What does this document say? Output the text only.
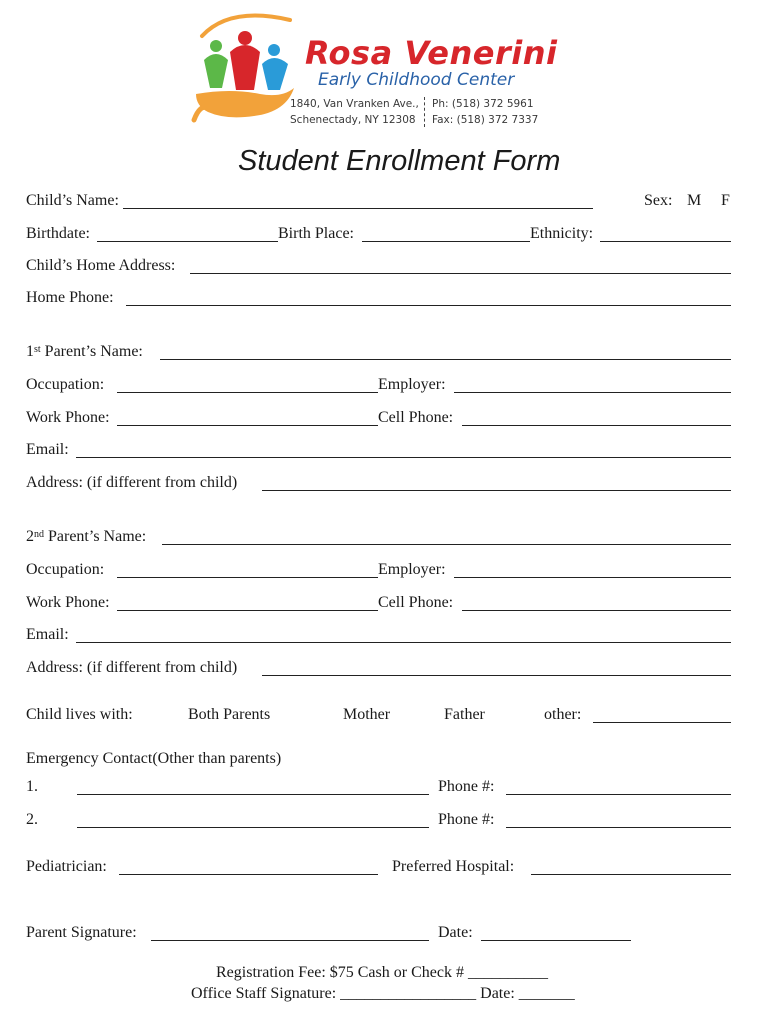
Rosa Venerini
Early Childhood Center
1840, Van Vranken Ave.,
Schenectady, NY 12308
Ph: (518) 372 5961
Fax: (518) 372 7337
Student Enrollment Form
Child’s Name:	Sex: M F
Birthdate:	Birth Place:	Ethnicity:
Child’s Home Address:
Home Phone:
1st Parent’s Name:
Occupation:	Employer:
Work Phone:	Cell Phone:
Email:
Address: (if different from child)
2nd Parent’s Name:
Occupation:	Employer:
Work Phone:	Cell Phone:
Email:
Address: (if different from child)
Child lives with:	Both Parents	Mother	Father	other:
Emergency Contact(Other than parents)
1.	Phone #:
2.	Phone #:
Pediatrician:	Preferred Hospital:
Parent Signature:	Date:
Registration Fee: $75 Cash or Check # __________
Office Staff Signature: _________________ Date: _______
